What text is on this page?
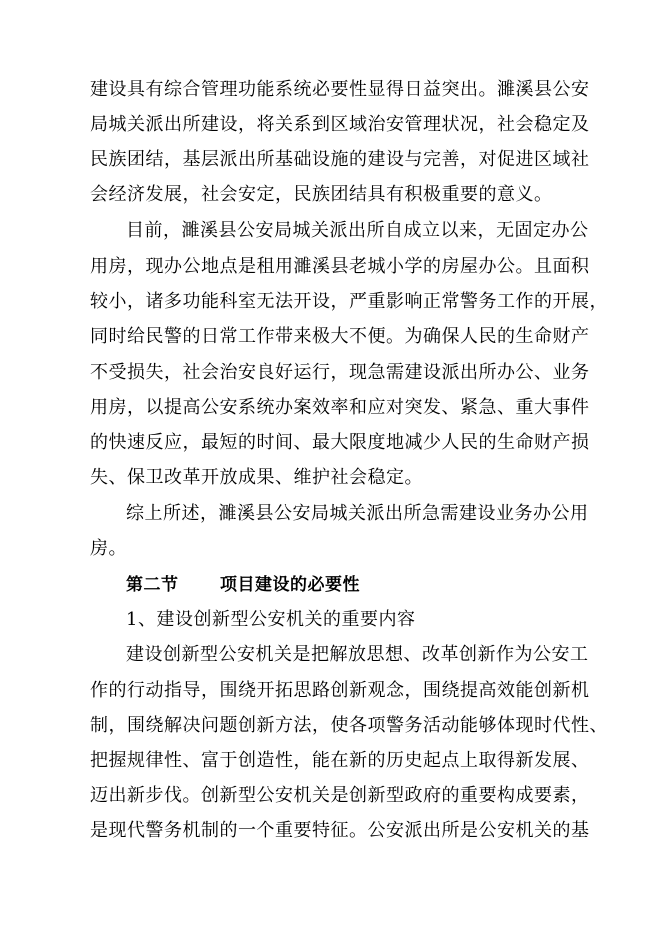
建设具有综合管理功能系统必要性显得日益突出。濉溪县公安
局城关派出所建设，将关系到区域治安管理状况，社会稳定及
民族团结，基层派出所基础设施的建设与完善，对促进区域社
会经济发展，社会安定，民族团结具有积极重要的意义。
目前，濉溪县公安局城关派出所自成立以来，无固定办公
用房，现办公地点是租用濉溪县老城小学的房屋办公。且面积
较小，诸多功能科室无法开设，严重影响正常警务工作的开展，
同时给民警的日常工作带来极大不便。为确保人民的生命财产
不受损失，社会治安良好运行，现急需建设派出所办公、业务
用房，以提高公安系统办案效率和应对突发、紧急、重大事件
的快速反应，最短的时间、最大限度地减少人民的生命财产损
失、保卫改革开放成果、维护社会稳定。
综上所述，濉溪县公安局城关派出所急需建设业务办公用
房。
第二节 项目建设的必要性
1、建设创新型公安机关的重要内容
建设创新型公安机关是把解放思想、改革创新作为公安工
作的行动指导，围绕开拓思路创新观念，围绕提高效能创新机
制，围绕解决问题创新方法，使各项警务活动能够体现时代性、
把握规律性、富于创造性，能在新的历史起点上取得新发展、
迈出新步伐。创新型公安机关是创新型政府的重要构成要素，
是现代警务机制的一个重要特征。公安派出所是公安机关的基
